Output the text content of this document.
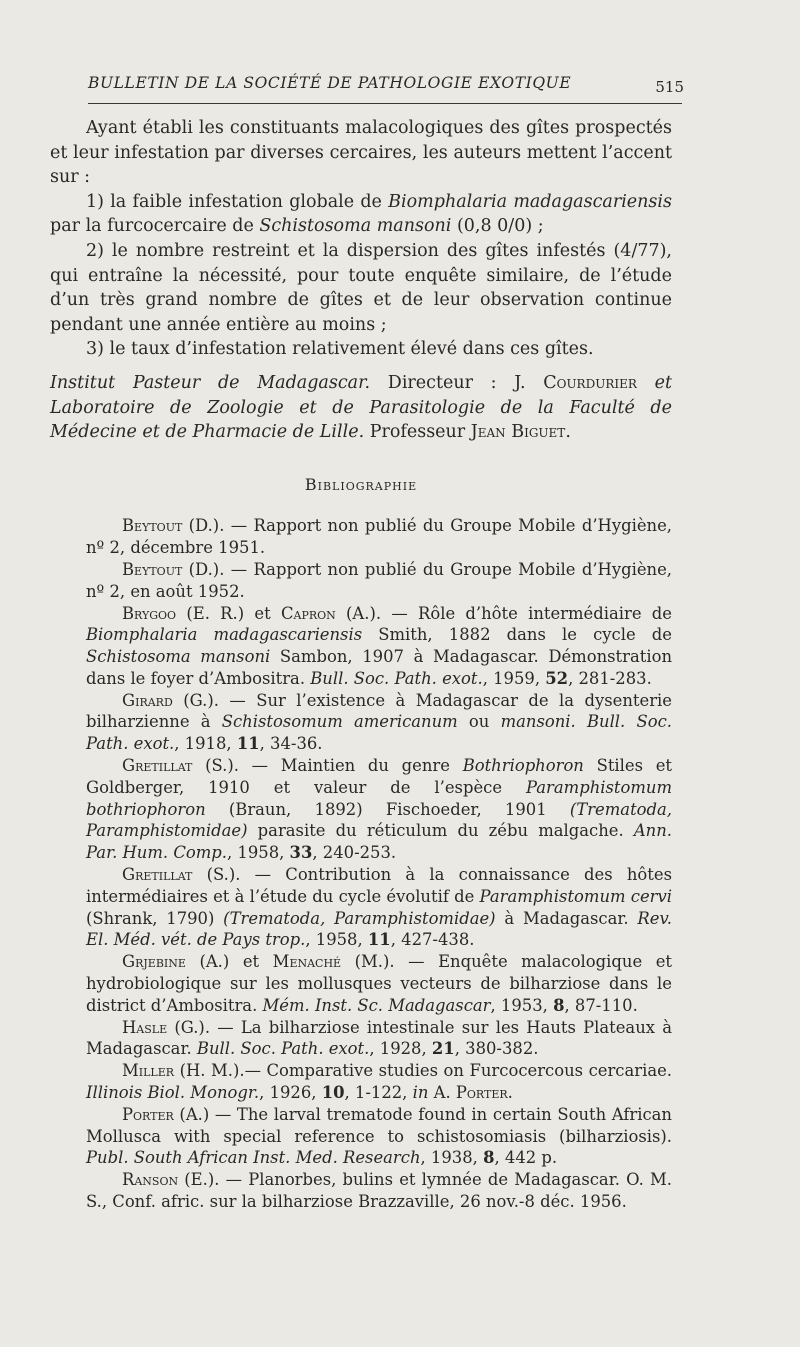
BULLETIN DE LA SOCIÉTÉ DE PATHOLOGIE EXOTIQUE	515

Ayant établi les constituants malacologiques des gîtes prospectés et leur infestation par diverses cercaires, les auteurs mettent l’accent sur :

1) la faible infestation globale de Biomphalaria madagascariensis par la furcocercaire de Schistosoma mansoni (0,8 0/0) ;

2) le nombre restreint et la dispersion des gîtes infestés (4/77), qui entraîne la nécessité, pour toute enquête similaire, de l’étude d’un très grand nombre de gîtes et de leur observation continue pendant une année entière au moins ;

3) le taux d’infestation relativement élevé dans ces gîtes.

Institut Pasteur de Madagascar. Directeur : J. Courdurier et Laboratoire de Zoologie et de Parasitologie de la Faculté de Médecine et de Pharmacie de Lille. Professeur Jean Biguet.

Bibliographie

Beytout (D.). — Rapport non publié du Groupe Mobile d’Hygiène, nº 2, décembre 1951.

Beytout (D.). — Rapport non publié du Groupe Mobile d’Hygiène, nº 2, en août 1952.

Brygoo (E. R.) et Capron (A.). — Rôle d’hôte intermédiaire de Biomphalaria madagascariensis Smith, 1882 dans le cycle de Schistosoma mansoni Sambon, 1907 à Madagascar. Démonstration dans le foyer d’Ambositra. Bull. Soc. Path. exot., 1959, 52, 281-283.

Girard (G.). — Sur l’existence à Madagascar de la dysenterie bilharzienne à Schistosomum americanum ou mansoni. Bull. Soc. Path. exot., 1918, 11, 34-36.

Gretillat (S.). — Maintien du genre Bothriophoron Stiles et Goldberger, 1910 et valeur de l’espèce Paramphistomum bothriophoron (Braun, 1892) Fischoeder, 1901 (Trematoda, Paramphistomidae) parasite du réticulum du zébu malgache. Ann. Par. Hum. Comp., 1958, 33, 240-253.

Gretillat (S.). — Contribution à la connaissance des hôtes intermédiaires et à l’étude du cycle évolutif de Paramphistomum cervi (Shrank, 1790) (Trematoda, Paramphistomidae) à Madagascar. Rev. El. Méd. vét. de Pays trop., 1958, 11, 427-438.

Grjebine (A.) et Menaché (M.). — Enquête malacologique et hydrobiologique sur les mollusques vecteurs de bilharziose dans le district d’Ambositra. Mém. Inst. Sc. Madagascar, 1953, 8, 87-110.

Hasle (G.). — La bilharziose intestinale sur les Hauts Plateaux à Madagascar. Bull. Soc. Path. exot., 1928, 21, 380-382.

Miller (H. M.).— Comparative studies on Furcocercous cercariae. Illinois Biol. Monogr., 1926, 10, 1-122, in A. Porter.

Porter (A.) — The larval trematode found in certain South African Mollusca with special reference to schistosomiasis (bilharziosis). Publ. South African Inst. Med. Research, 1938, 8, 442 p.

Ranson (E.). — Planorbes, bulins et lymnée de Madagascar. O. M. S., Conf. afric. sur la bilharziose Brazzaville, 26 nov.-8 déc. 1956.
